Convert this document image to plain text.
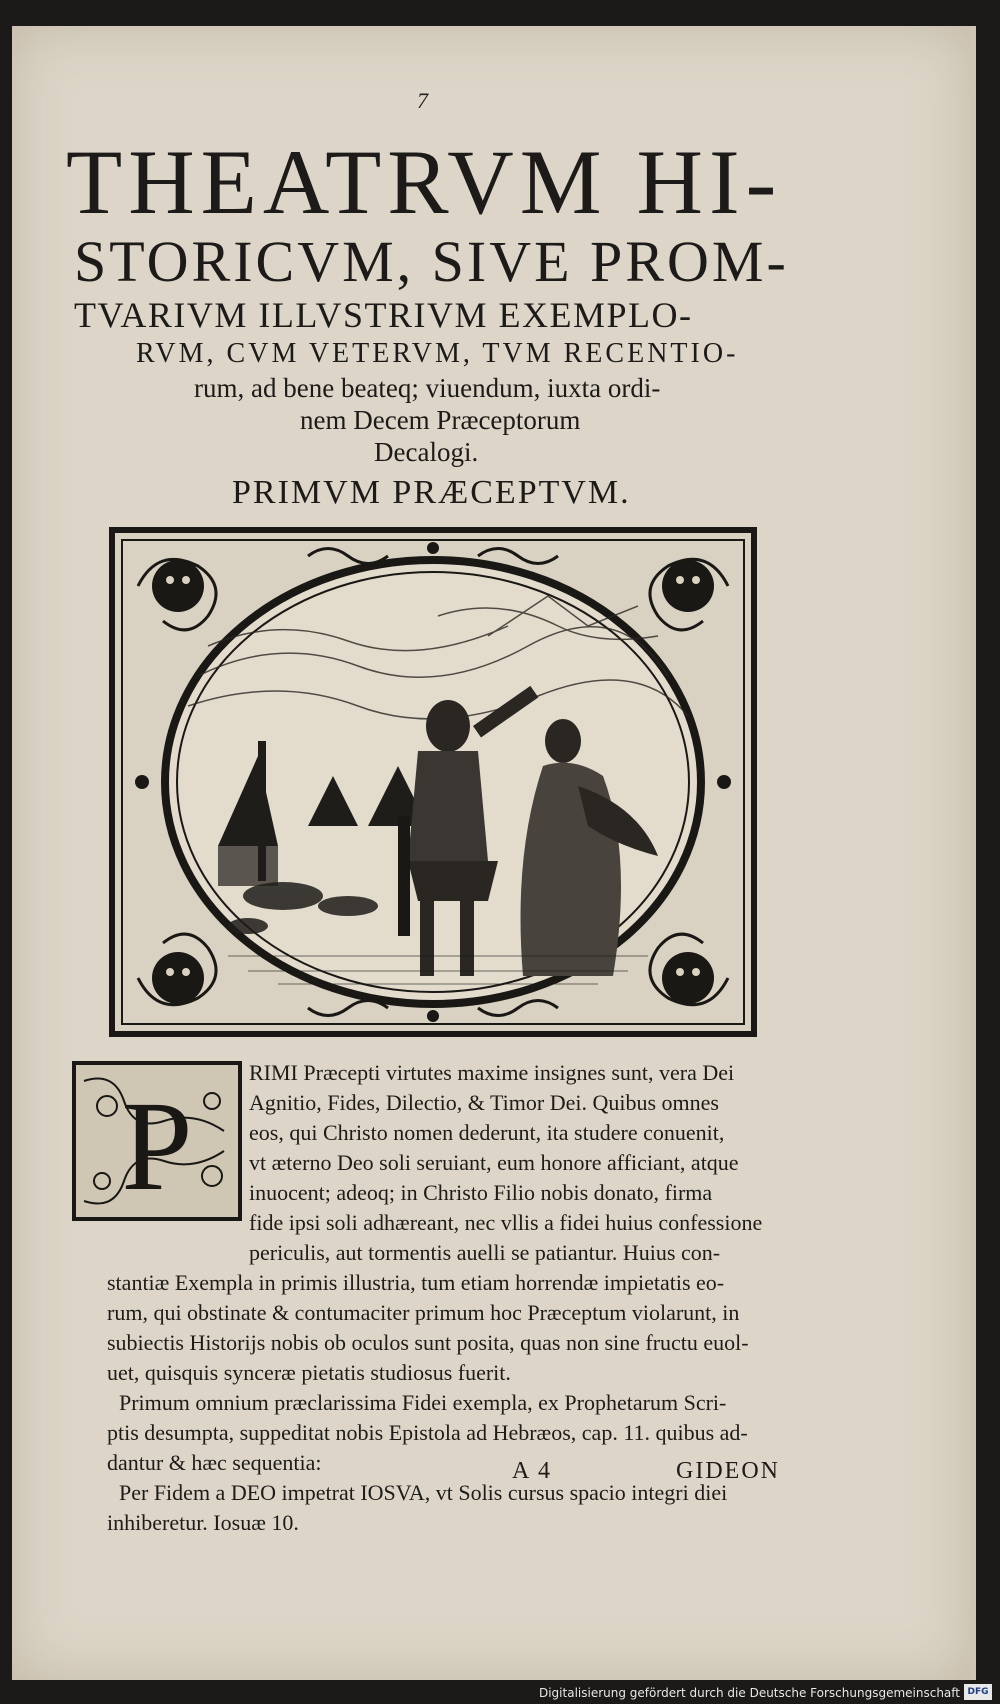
7
THEATRVM HI-
STORICVM, SIVE PROM-
TVARIVM ILLVSTRIVM EXEMPLO-
RVM, CVM VETERVM, TVM RECENTIO-
rum, ad bene beateq; viuendum, iuxta ordi-
nem Decem Præceptorum
Decalogi.
PRIMVM PRÆCEPTVM.
P
RIMI Præcepti virtutes maxime insignes sunt, vera Dei
Agnitio, Fides, Dilectio, & Timor Dei. Quibus omnes
eos, qui Christo nomen dederunt, ita studere conuenit,
vt æterno Deo soli seruiant, eum honore afficiant, atque
inuocent; adeoq; in Christo Filio nobis donato, firma
fide ipsi soli adhæreant, nec vllis a fidei huius confessione
periculis, aut tormentis auelli se patiantur. Huius con-
stantiæ Exempla in primis illustria, tum etiam horrendæ impietatis eo-
rum, qui obstinate & contumaciter primum hoc Præceptum violarunt, in
subiectis Historijs nobis ob oculos sunt posita, quas non sine fructu euol-
uet, quisquis synceræ pietatis studiosus fuerit.
Primum omnium præclarissima Fidei exempla, ex Prophetarum Scri-
ptis desumpta, suppeditat nobis Epistola ad Hebræos, cap. 11. quibus ad-
dantur & hæc sequentia:
Per Fidem a DEO impetrat IOSVA, vt Solis cursus spacio integri diei
inhiberetur. Iosuæ 10.
A 4	GIDEON
Digitalisierung gefördert durch die Deutsche Forschungsgemeinschaft DFG
